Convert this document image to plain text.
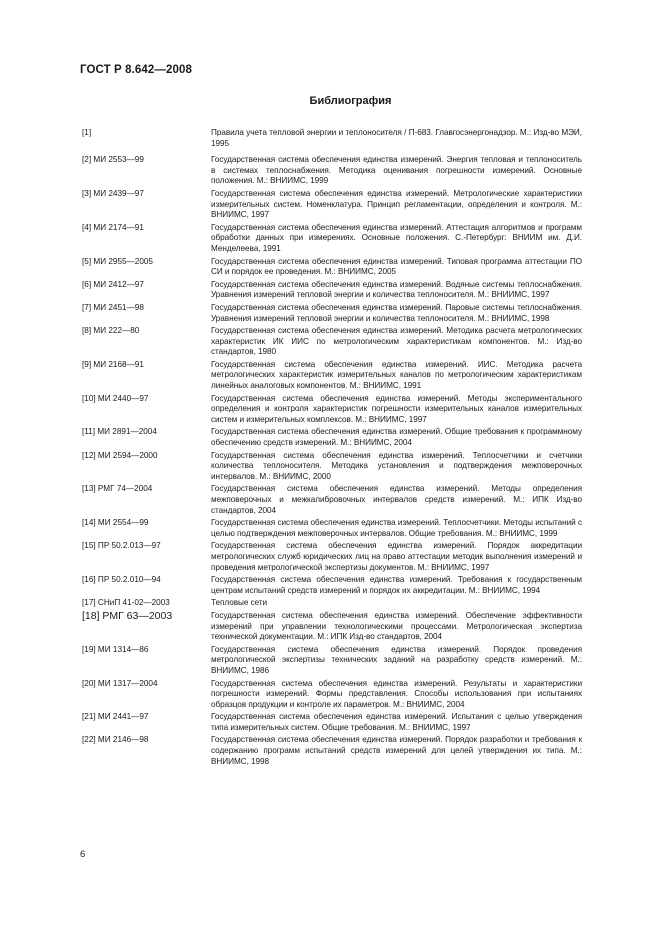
ГОСТ Р 8.642—2008
Библиография
[1]	Правила учета тепловой энергии и теплоносителя / П-683. Главгосэнергонадзор. М.: Изд-во МЭИ, 1995
[2] МИ 2553—99	Государственная система обеспечения единства измерений. Энергия тепловая и теплоноситель в системах теплоснабжения. Методика оценивания погрешности измерений. Основные положения. М.: ВНИИМС, 1999
[3] МИ 2439—97	Государственная система обеспечения единства измерений. Метрологические характеристики измерительных систем. Номенклатура. Принцип регламентации, определения и контроля. М.: ВНИИМС, 1997
[4] МИ 2174—91	Государственная система обеспечения единства измерений. Аттестация алгоритмов и программ обработки данных при измерениях. Основные положения. С.-Петербург: ВНИИМ им. Д.И. Менделеева, 1991
[5] МИ 2955—2005	Государственная система обеспечения единства измерений. Типовая программа аттестации ПО СИ и порядок ее проведения. М.: ВНИИМС, 2005
[6] МИ 2412—97	Государственная система обеспечения единства измерений. Водяные системы теплоснабжения. Уравнения измерений тепловой энергии и количества теплоносителя. М.: ВНИИМС, 1997
[7] МИ 2451—98	Государственная система обеспечения единства измерений. Паровые системы теплоснабжения. Уравнения измерений тепловой энергии и количества теплоносителя. М.: ВНИИМС, 1998
[8] МИ 222—80	Государственная система обеспечения единства измерений. Методика расчета метрологических характеристик ИК ИИС по метрологическим характеристикам компонентов. М.: Изд-во стандартов, 1980
[9] МИ 2168—91	Государственная система обеспечения единства измерений. ИИС. Методика расчета метрологических характеристик измерительных каналов по метрологическим характеристикам линейных аналоговых компонентов. М.: ВНИИМС, 1991
[10] МИ 2440—97	Государственная система обеспечения единства измерений. Методы экспериментального определения и контроля характеристик погрешности измерительных каналов измерительных систем и измерительных комплексов. М.: ВНИИМС, 1997
[11] МИ 2891—2004	Государственная система обеспечения единства измерений. Общие требования к программному обеспечению средств измерений. М.: ВНИИМС, 2004
[12] МИ 2594—2000	Государственная система обеспечения единства измерений. Теплосчетчики и счетчики количества теплоносителя. Методика установления и подтверждения межповерочных интервалов. М.: ВНИИМС, 2000
[13] РМГ 74—2004	Государственная система обеспечения единства измерений. Методы определения межповерочных и межкалибровочных интервалов средств измерений. М.: ИПК Изд-во стандартов, 2004
[14] МИ 2554—99	Государственная система обеспечения единства измерений. Теплосчетчики. Методы испытаний с целью подтверждения межповерочных интервалов. Общие требования. М.: ВНИИМС, 1999
[15] ПР 50.2.013—97	Государственная система обеспечения единства измерений. Порядок аккредитации метрологических служб юридических лиц на право аттестации методик выполнения измерений и проведения метрологической экспертизы документов. М.: ВНИИМС, 1997
[16] ПР 50.2.010—94	Государственная система обеспечения единства измерений. Требования к государственным центрам испытаний средств измерений и порядок их аккредитации. М.: ВНИИМС, 1994
[17] СНиП 41-02—2003	Тепловые сети
[18] РМГ 63—2003	Государственная система обеспечения единства измерений. Обеспечение эффективности измерений при управлении технологическими процессами. Метрологическая экспертиза технической документации. М.: ИПК Изд-во стандартов, 2004
[19] МИ 1314—86	Государственная система обеспечения единства измерений. Порядок проведения метрологической экспертизы технических заданий на разработку средств измерений. М.: ВНИИМС, 1986
[20] МИ 1317—2004	Государственная система обеспечения единства измерений. Результаты и характеристики погрешности измерений. Формы представления. Способы использования при испытаниях образцов продукции и контроле их параметров. М.: ВНИИМС, 2004
[21] МИ 2441—97	Государственная система обеспечения единства измерений. Испытания с целью утверждения типа измерительных систем. Общие требования. М.: ВНИИМС, 1997
[22] МИ 2146—98	Государственная система обеспечения единства измерений. Порядок разработки и требования к содержанию программ испытаний средств измерений для целей утверждения их типа. М.: ВНИИМС, 1998
6
